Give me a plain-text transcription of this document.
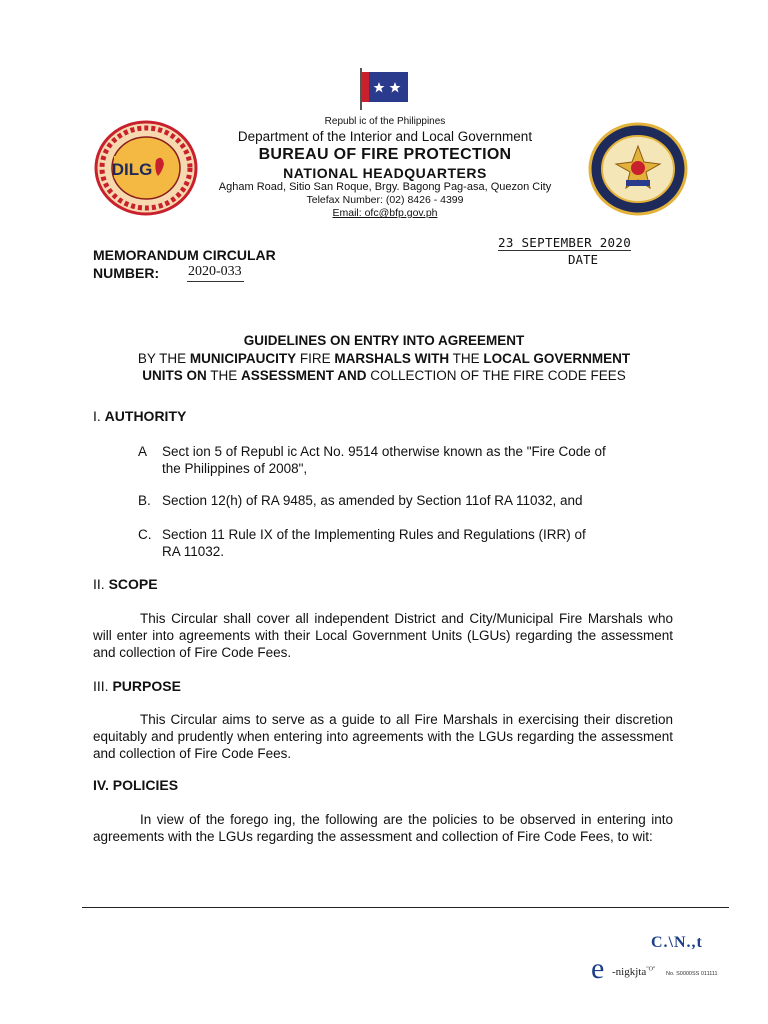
DILG
Republ ic of the Philippines
Department of the Interior and Local Government
BUREAU OF FIRE PROTECTION
NATIONAL HEADQUARTERS
Agham Road, Sitio San Roque, Brgy. Bagong Pag-asa, Quezon City
Telefax Number: (02) 8426 - 4399
Email: ofc@bfp.gov.ph
MEMORANDUM CIRCULAR
NUMBER: 2020-033
23 SEPTEMBER 2020
DATE
GUIDELINES ON ENTRY INTO AGREEMENT
BY THE MUNICIPAUCITY FIRE MARSHALS WITH THE LOCAL GOVERNMENT
UNITS ON THE ASSESSMENT AND COLLECTION OF THE FIRE CODE FEES
I. AUTHORITY
A Sect ion 5 of Republ ic Act No. 9514 otherwise known as the "Fire Code of
the Philippines of 2008",
B. Section 12(h) of RA 9485, as amended by Section 11of RA 11032, and
C. Section 11 Rule IX of the Implementing Rules and Regulations (IRR) of
RA 11032.
II. SCOPE
This Circular shall cover all independent District and City/Municipal Fire Marshals who will enter into agreements with their Local Government Units (LGUs) regarding the assessment and collection of Fire Code Fees.
III. PURPOSE
This Circular aims to serve as a guide to all Fire Marshals in exercising their discretion equitably and prudently when entering into agreements with the LGUs regarding the assessment and collection of Fire Code Fees.
IV. POLICIES
In view of the forego ing, the following are the policies to be observed in entering into agreements with the LGUs regarding the assessment and collection of Fire Code Fees, to wit:
C.\N.,t
e -nigkjta$^{"O"}$
No. S0000SS 011111
